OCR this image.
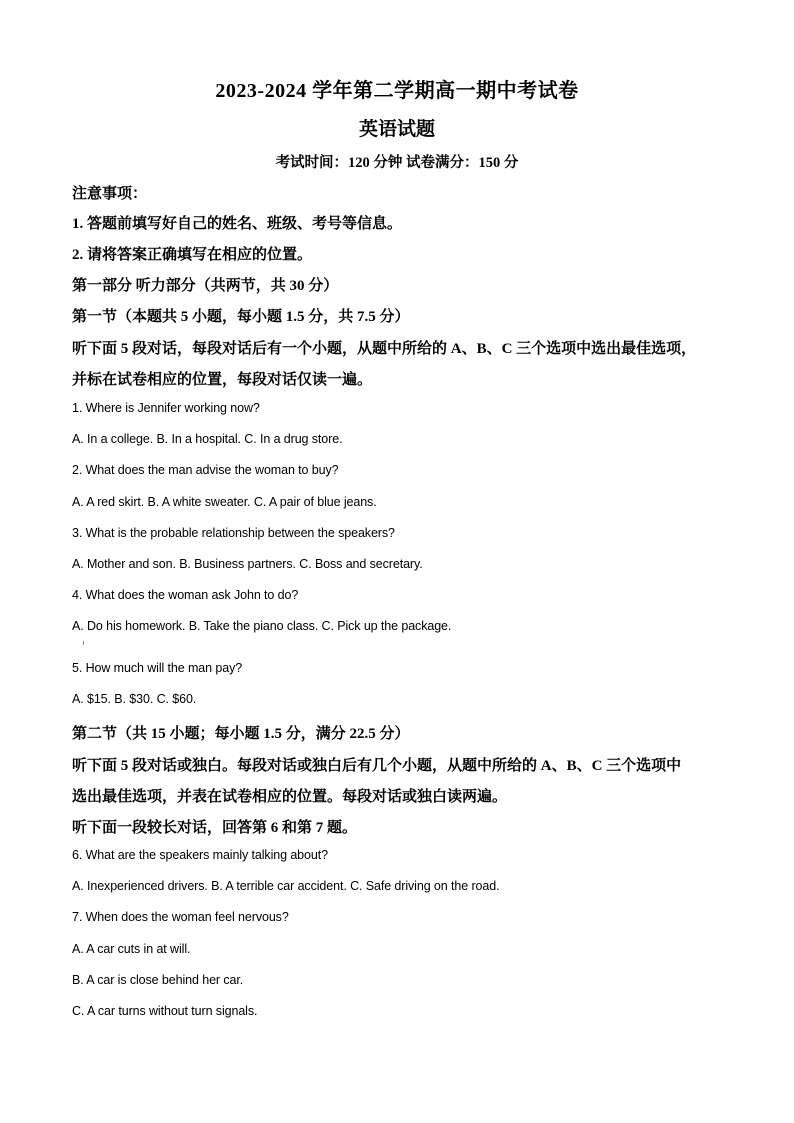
2023-2024 学年第二学期高一期中考试卷
英语试题
考试时间：120 分钟 试卷满分：150 分
注意事项：
1. 答题前填写好自己的姓名、班级、考号等信息。
2. 请将答案正确填写在相应的位置。
第一部分 听力部分（共两节，共 30 分）
第一节（本题共 5 小题，每小题 1.5 分，共 7.5 分）
听下面 5 段对话，每段对话后有一个小题，从题中所给的 A、B、C 三个选项中选出最佳选项，
并标在试卷相应的位置，每段对话仅读一遍。
1. Where is Jennifer working now?
A. In a college. B. In a hospital. C. In a drug store.
2. What does the man advise the woman to buy?
A. A red skirt. B. A white sweater. C. A pair of blue jeans.
3. What is the probable relationship between the speakers?
A. Mother and son. B. Business partners. C. Boss and secretary.
4. What does the woman ask John to do?
A. Do his homework. B. Take the piano class. C. Pick up the package.
5. How much will the man pay?
A. $15. B. $30. C. $60.
第二节（共 15 小题；每小题 1.5 分，满分 22.5 分）
听下面 5 段对话或独白。每段对话或独白后有几个小题，从题中所给的 A、B、C 三个选项中
选出最佳选项，并表在试卷相应的位置。每段对话或独白读两遍。
听下面一段较长对话，回答第 6 和第 7 题。
6. What are the speakers mainly talking about?
A. Inexperienced drivers. B. A terrible car accident. C. Safe driving on the road.
7. When does the woman feel nervous?
A. A car cuts in at will.
B. A car is close behind her car.
C. A car turns without turn signals.
